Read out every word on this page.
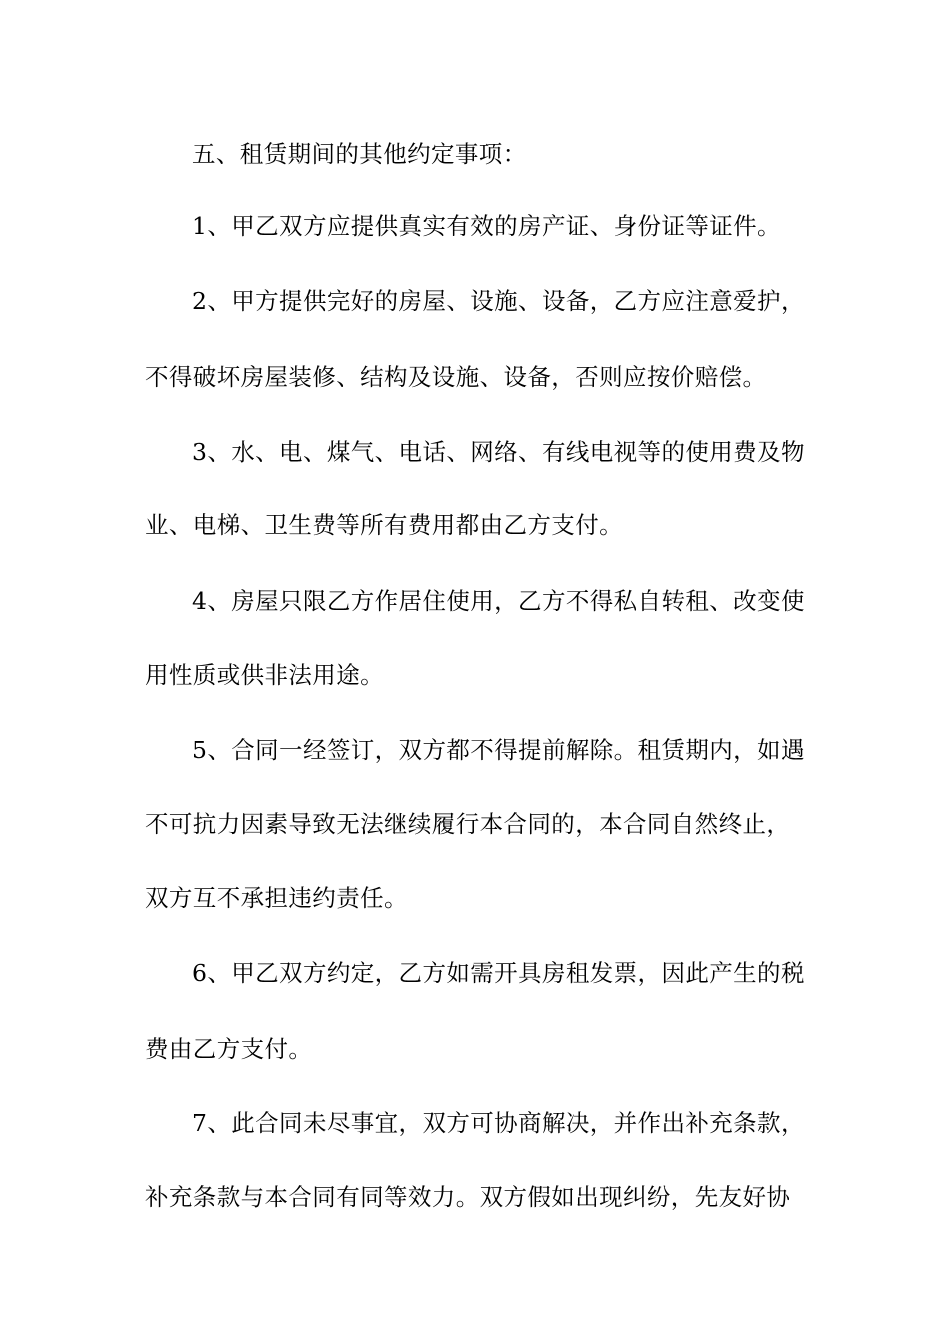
五、租赁期间的其他约定事项：
1、甲乙双方应提供真实有效的房产证、身份证等证件。
2、甲方提供完好的房屋、设施、设备，乙方应注意爱护，
不得破坏房屋装修、结构及设施、设备，否则应按价赔偿。
3、水、电、煤气、电话、网络、有线电视等的使用费及物
业、电梯、卫生费等所有费用都由乙方支付。
4、房屋只限乙方作居住使用，乙方不得私自转租、改变使
用性质或供非法用途。
5、合同一经签订，双方都不得提前解除。租赁期内，如遇
不可抗力因素导致无法继续履行本合同的，本合同自然终止，
双方互不承担违约责任。
6、甲乙双方约定，乙方如需开具房租发票，因此产生的税
费由乙方支付。
7、此合同未尽事宜，双方可协商解决，并作出补充条款，
补充条款与本合同有同等效力。双方假如出现纠纷，先友好协
